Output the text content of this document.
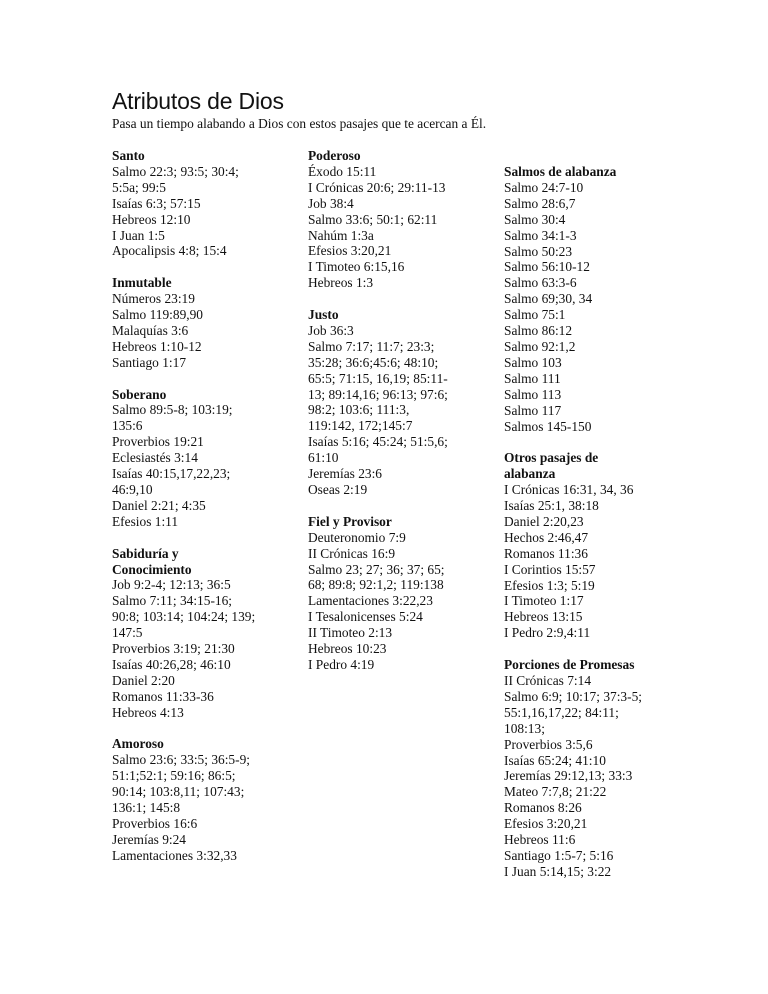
Atributos de Dios
Pasa un tiempo alabando a Dios con estos pasajes que te acercan a Él.
Santo
Salmo 22:3; 93:5; 30:4;
5:5a; 99:5
Isaías 6:3; 57:15
Hebreos 12:10
I Juan 1:5
Apocalipsis 4:8; 15:4
Inmutable
Números 23:19
Salmo 119:89,90
Malaquías 3:6
Hebreos 1:10-12
Santiago 1:17
Soberano
Salmo 89:5-8; 103:19;
135:6
Proverbios 19:21
Eclesiastés 3:14
Isaías 40:15,17,22,23;
46:9,10
Daniel 2:21; 4:35
Efesios 1:11
Sabiduría y
Conocimiento
Job 9:2-4; 12:13; 36:5
Salmo 7:11; 34:15-16;
90:8; 103:14; 104:24; 139;
147:5
Proverbios 3:19; 21:30
Isaías 40:26,28; 46:10
Daniel 2:20
Romanos 11:33-36
Hebreos 4:13
Amoroso
Salmo 23:6; 33:5; 36:5-9;
51:1;52:1; 59:16; 86:5;
90:14; 103:8,11; 107:43;
136:1; 145:8
Proverbios 16:6
Jeremías 9:24
Lamentaciones 3:32,33
Poderoso
Éxodo 15:11
I Crónicas 20:6; 29:11-13
Job 38:4
Salmo 33:6; 50:1; 62:11
Nahúm 1:3a
Efesios 3:20,21
I Timoteo 6:15,16
Hebreos 1:3
Justo
Job 36:3
Salmo 7:17; 11:7; 23:3;
35:28; 36:6;45:6; 48:10;
65:5; 71:15, 16,19; 85:11-
13; 89:14,16; 96:13; 97:6;
98:2; 103:6; 111:3,
119:142, 172;145:7
Isaías 5:16; 45:24; 51:5,6;
61:10
Jeremías 23:6
Oseas 2:19
Fiel y Provisor
Deuteronomio 7:9
II Crónicas 16:9
Salmo 23; 27; 36; 37; 65;
68; 89:8; 92:1,2; 119:138
Lamentaciones 3:22,23
I Tesalonicenses 5:24
II Timoteo 2:13
Hebreos 10:23
I Pedro 4:19
Salmos de alabanza
Salmo 24:7-10
Salmo 28:6,7
Salmo 30:4
Salmo 34:1-3
Salmo 50:23
Salmo 56:10-12
Salmo 63:3-6
Salmo 69;30, 34
Salmo 75:1
Salmo 86:12
Salmo 92:1,2
Salmo 103
Salmo 111
Salmo 113
Salmo 117
Salmos 145-150
Otros pasajes de
alabanza
I Crónicas 16:31, 34, 36
Isaías 25:1, 38:18
Daniel 2:20,23
Hechos 2:46,47
Romanos 11:36
I Corintios 15:57
Efesios 1:3; 5:19
I Timoteo 1:17
Hebreos 13:15
I Pedro 2:9,4:11
Porciones de Promesas
II Crónicas 7:14
Salmo 6:9; 10:17; 37:3-5;
55:1,16,17,22; 84:11;
108:13;
Proverbios 3:5,6
Isaías 65:24; 41:10
Jeremías 29:12,13; 33:3
Mateo 7:7,8; 21:22
Romanos 8:26
Efesios 3:20,21
Hebreos 11:6
Santiago 1:5-7; 5:16
I Juan 5:14,15; 3:22
